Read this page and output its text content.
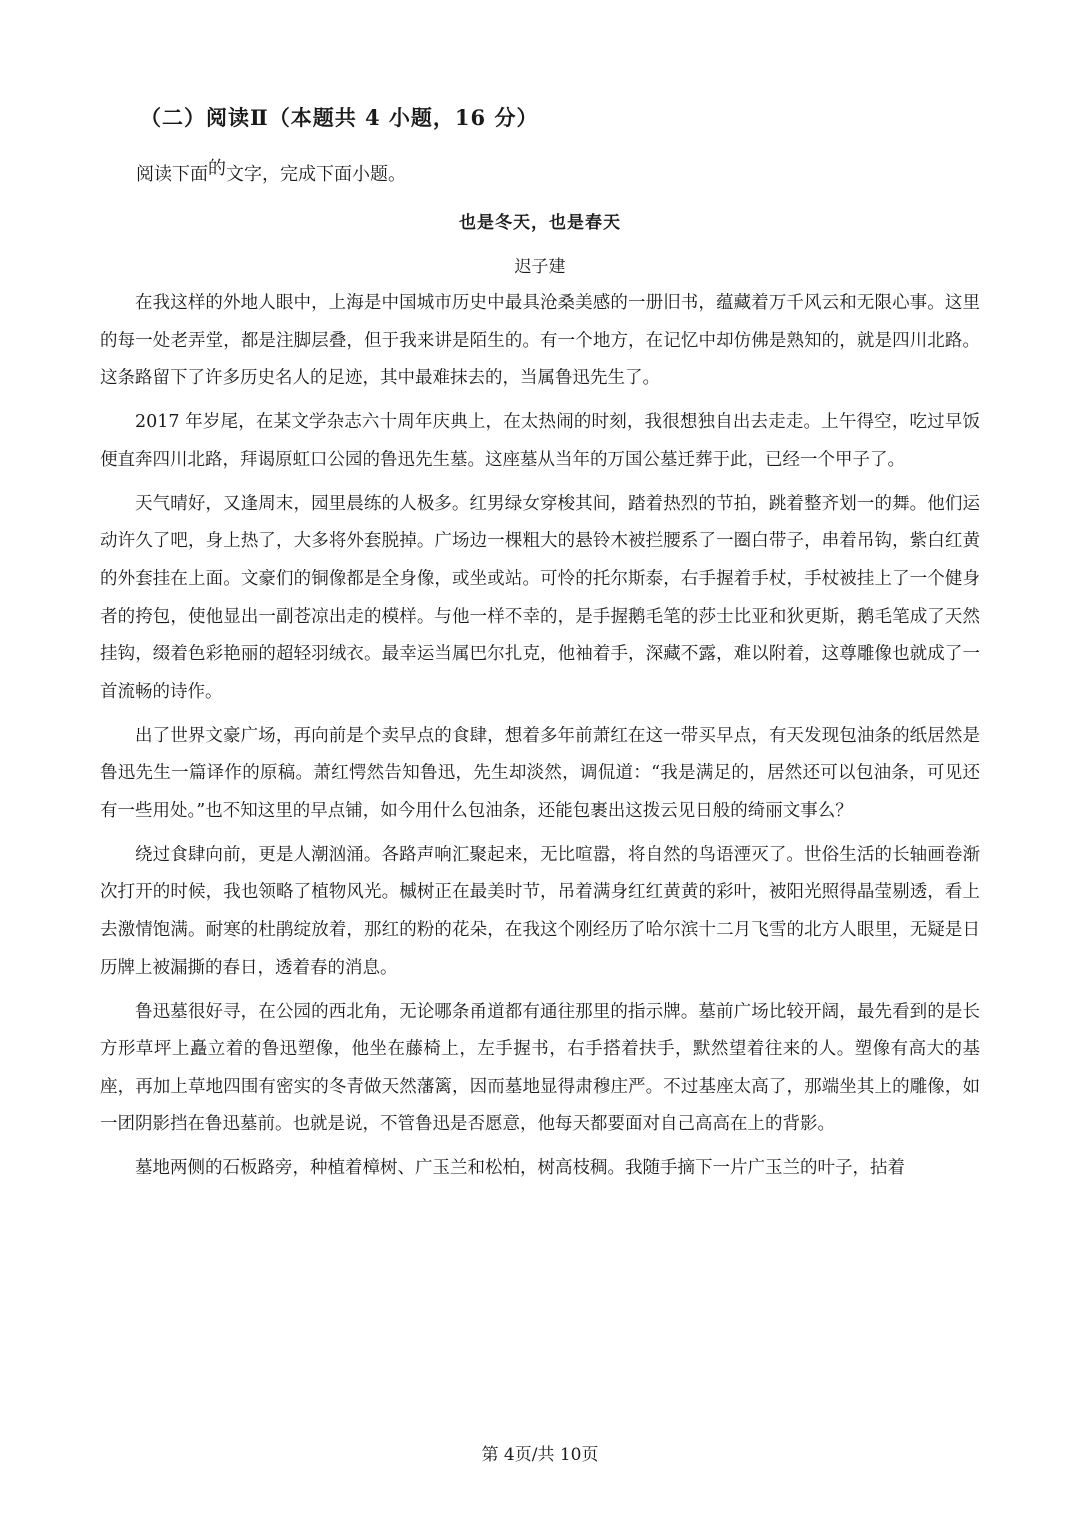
（二）阅读Ⅱ（本题共 4 小题，16 分）
阅读下面的文字，完成下面小题。
也是冬天，也是春天
迟子建

在我这样的外地人眼中，上海是中国城市历史中最具沧桑美感的一册旧书，蕴藏着万千风云和无限心事。这里的每一处老弄堂，都是注脚层叠，但于我来讲是陌生的。有一个地方，在记忆中却仿佛是熟知的，就是四川北路。这条路留下了许多历史名人的足迹，其中最难抹去的，当属鲁迅先生了。

2017 年岁尾，在某文学杂志六十周年庆典上，在太热闹的时刻，我很想独自出去走走。上午得空，吃过早饭便直奔四川北路，拜谒原虹口公园的鲁迅先生墓。这座墓从当年的万国公墓迁葬于此，已经一个甲子了。

天气晴好，又逢周末，园里晨练的人极多。红男绿女穿梭其间，踏着热烈的节拍，跳着整齐划一的舞。他们运动许久了吧，身上热了，大多将外套脱掉。广场边一棵粗大的悬铃木被拦腰系了一圈白带子，串着吊钩，紫白红黄的外套挂在上面。文豪们的铜像都是全身像，或坐或站。可怜的托尔斯泰，右手握着手杖，手杖被挂上了一个健身者的挎包，使他显出一副苍凉出走的模样。与他一样不幸的，是手握鹅毛笔的莎士比亚和狄更斯，鹅毛笔成了天然挂钩，缀着色彩艳丽的超轻羽绒衣。最幸运当属巴尔扎克，他袖着手，深藏不露，难以附着，这尊雕像也就成了一首流畅的诗作。

出了世界文豪广场，再向前是个卖早点的食肆，想着多年前萧红在这一带买早点，有天发现包油条的纸居然是鲁迅先生一篇译作的原稿。萧红愕然告知鲁迅，先生却淡然，调侃道：“我是满足的，居然还可以包油条，可见还有一些用处。”也不知这里的早点铺，如今用什么包油条，还能包裹出这拨云见日般的绮丽文事么？

绕过食肆向前，更是人潮汹涌。各路声响汇聚起来，无比喧嚣，将自然的鸟语湮灭了。世俗生活的长轴画卷渐次打开的时候，我也领略了植物风光。槭树正在最美时节，吊着满身红红黄黄的彩叶，被阳光照得晶莹剔透，看上去激情饱满。耐寒的杜鹃绽放着，那红的粉的花朵，在我这个刚经历了哈尔滨十二月飞雪的北方人眼里，无疑是日历牌上被漏撕的春日，透着春的消息。

鲁迅墓很好寻，在公园的西北角，无论哪条甬道都有通往那里的指示牌。墓前广场比较开阔，最先看到的是长方形草坪上矗立着的鲁迅塑像，他坐在藤椅上，左手握书，右手搭着扶手，默然望着往来的人。塑像有高大的基座，再加上草地四围有密实的冬青做天然藩篱，因而墓地显得肃穆庄严。不过基座太高了，那端坐其上的雕像，如一团阴影挡在鲁迅墓前。也就是说，不管鲁迅是否愿意，他每天都要面对自己高高在上的背影。

墓地两侧的石板路旁，种植着樟树、广玉兰和松柏，树高枝稠。我随手摘下一片广玉兰的叶子，拈着

第 4页/共 10页
